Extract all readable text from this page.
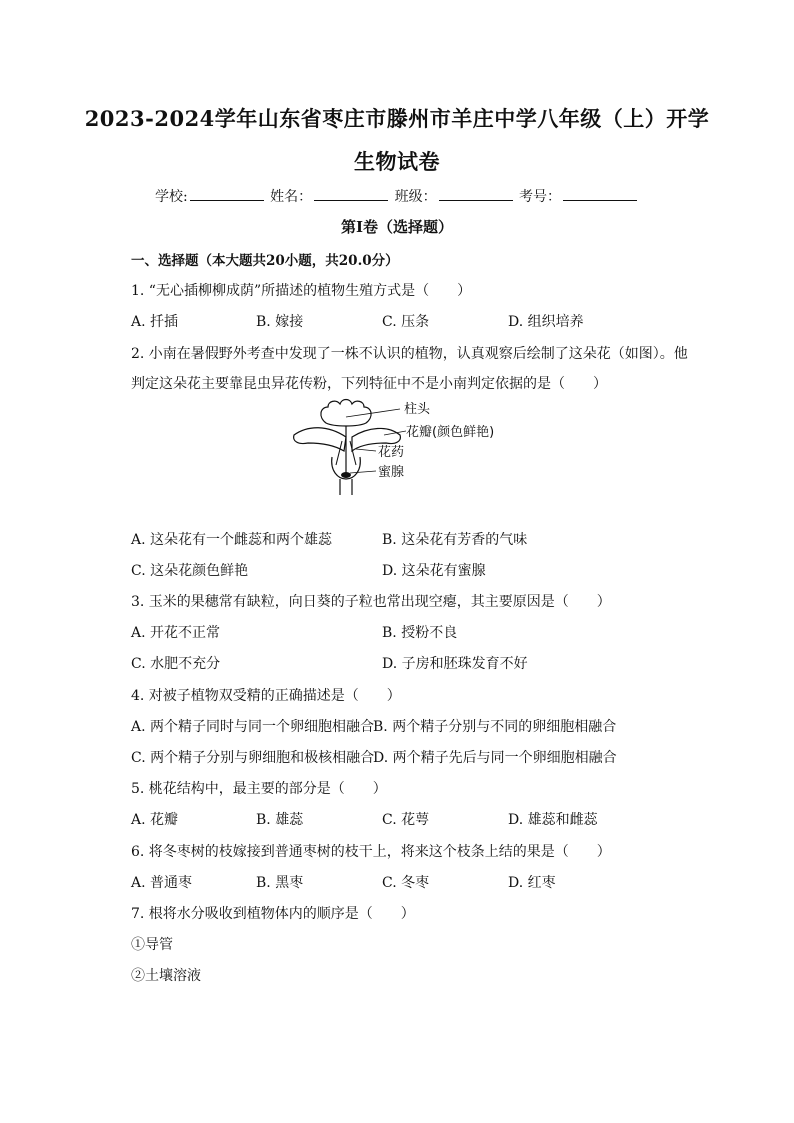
2023-2024学年山东省枣庄市滕州市羊庄中学八年级（上）开学
生物试卷
学校:	姓名：	班级：	考号：
第I卷（选择题）
一、选择题（本大题共20小题，共20.0分）
1. “无心插柳柳成荫”所描述的植物生殖方式是（　　）
A. 扦插	B. 嫁接	C. 压条	D. 组织培养
2. 小南在暑假野外考查中发现了一株不认识的植物，认真观察后绘制了这朵花（如图）。他
判定这朵花主要靠昆虫异花传粉，下列特征中不是小南判定依据的是（　　）
柱头
花瓣(颜色鲜艳)
花药
蜜腺
A. 这朵花有一个雌蕊和两个雄蕊	B. 这朵花有芳香的气味
C. 这朵花颜色鲜艳	D. 这朵花有蜜腺
3. 玉米的果穗常有缺粒，向日葵的子粒也常出现空瘪，其主要原因是（　　）
A. 开花不正常	B. 授粉不良
C. 水肥不充分	D. 子房和胚珠发育不好
4. 对被子植物双受精的正确描述是（　　）
A. 两个精子同时与同一个卵细胞相融合
B. 两个精子分别与不同的卵细胞相融合
C. 两个精子分别与卵细胞和极核相融合
D. 两个精子先后与同一个卵细胞相融合
5. 桃花结构中，最主要的部分是（　　）
A. 花瓣	B. 雄蕊	C. 花萼	D. 雄蕊和雌蕊
6. 将冬枣树的枝嫁接到普通枣树的枝干上，将来这个枝条上结的果是（　　）
A. 普通枣	B. 黑枣	C. 冬枣	D. 红枣
7. 根将水分吸收到植物体内的顺序是（　　）
①导管
②土壤溶液
